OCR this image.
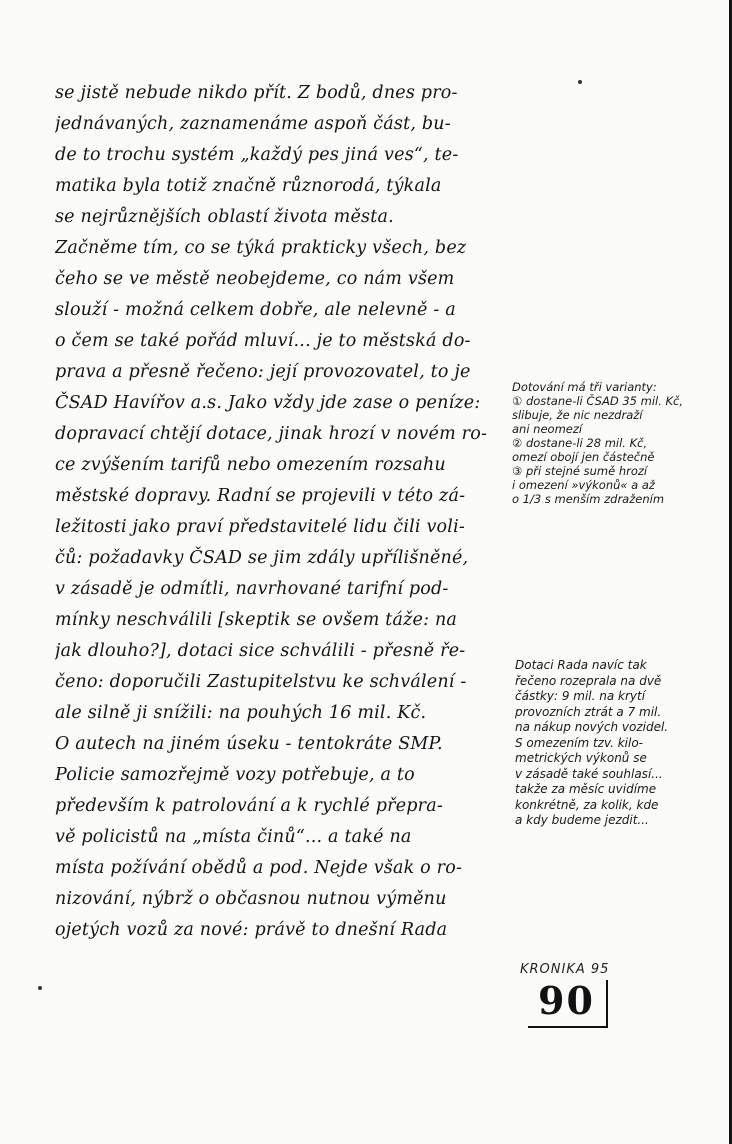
se jistě nebude nikdo přít. Z bodů, dnes pro-
jednávaných, zaznamenáme aspoň část, bu-
de to trochu systém „každý pes jiná ves“, te-
matika byla totiž značně různorodá, týkala
se nejrůznějších oblastí života města.
Začněme tím, co se týká prakticky všech, bez
čeho se ve městě neobejdeme, co nám všem
slouží - možná celkem dobře, ale nelevně - a
o čem se také pořád mluví... je to městská do-
prava a přesně řečeno: její provozovatel, to je
ČSAD Havířov a.s. Jako vždy jde zase o peníze:
dopravací chtějí dotace, jinak hrozí v novém ro-
ce zvýšením tarifů nebo omezením rozsahu
městské dopravy. Radní se projevili v této zá-
ležitosti jako praví představitelé lidu čili voli-
čů: požadavky ČSAD se jim zdály upřílišněné,
v zásadě je odmítli, navrhované tarifní pod-
mínky neschválili [skeptik se ovšem táže: na
jak dlouho?], dotaci sice schválili - přesně ře-
čeno: doporučili Zastupitelstvu ke schválení -
ale silně ji snížili: na pouhých 16 mil. Kč.
O autech na jiném úseku - tentokráte SMP.
Policie samozřejmě vozy potřebuje, a to
především k patrolování a k rychlé přepra-
vě policistů na „místa činů“... a také na
místa požívání obědů a pod. Nejde však o ro-
nizování, nýbrž o občasnou nutnou výměnu
ojetých vozů za nové: právě to dnešní Rada
Dotování má tři varianty:
① dostane-li ČSAD 35 mil. Kč,
slibuje, že nic nezdraží
ani neomezí
② dostane-li 28 mil. Kč,
omezí obojí jen částečně
③ při stejné sumě hrozí
i omezení »výkonů« a až
o 1/3 s menším zdražením
Dotaci Rada navíc tak
řečeno rozeprala na dvě
částky: 9 mil. na krytí
provozních ztrát a 7 mil.
na nákup nových vozidel.
S omezením tzv. kilo-
metrických výkonů se
v zásadě také souhlasí...
takže za měsíc uvidíme
konkrétně, za kolik, kde
a kdy budeme jezdit...
KRONIKA 95
90
